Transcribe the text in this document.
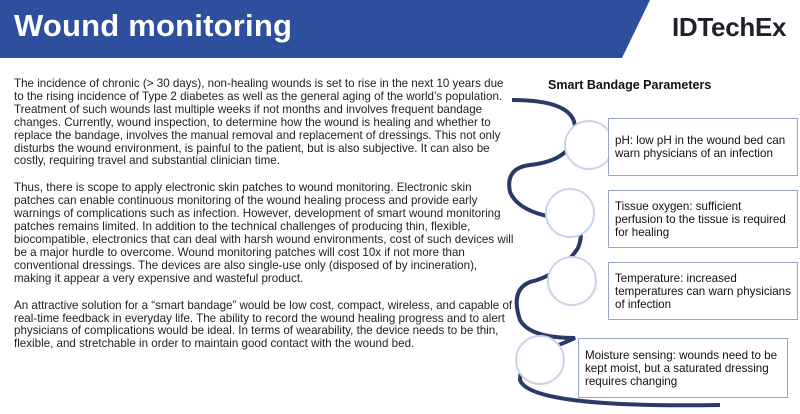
Wound monitoring	IDTechEx

The incidence of chronic (> 30 days), non-healing wounds is set to rise in the next 10 years due to the rising incidence of Type 2 diabetes as well as the general aging of the world’s population. Treatment of such wounds last multiple weeks if not months and involves frequent bandage changes. Currently, wound inspection, to determine how the wound is healing and whether to replace the bandage, involves the manual removal and replacement of dressings. This not only disturbs the wound environment, is painful to the patient, but is also subjective. It can also be costly, requiring travel and substantial clinician time.

Thus, there is scope to apply electronic skin patches to wound monitoring. Electronic skin patches can enable continuous monitoring of the wound healing process and provide early warnings of complications such as infection. However, development of smart wound monitoring patches remains limited. In addition to the technical challenges of producing thin, flexible, biocompatible, electronics that can deal with harsh wound environments, cost of such devices will be a major hurdle to overcome. Wound monitoring patches will cost 10x if not more than conventional dressings. The devices are also single-use only (disposed of by incineration), making it appear a very expensive and wasteful product.

An attractive solution for a “smart bandage” would be low cost, compact, wireless, and capable of real-time feedback in everyday life. The ability to record the wound healing progress and to alert physicians of complications would be ideal. In terms of wearability, the device needs to be thin, flexible, and stretchable in order to maintain good contact with the wound bed.

Smart Bandage Parameters
pH: low pH in the wound bed can warn physicians of an infection
Tissue oxygen: sufficient perfusion to the tissue is required for healing
Temperature: increased temperatures can warn physicians of infection
Moisture sensing: wounds need to be kept moist, but a saturated dressing requires changing
